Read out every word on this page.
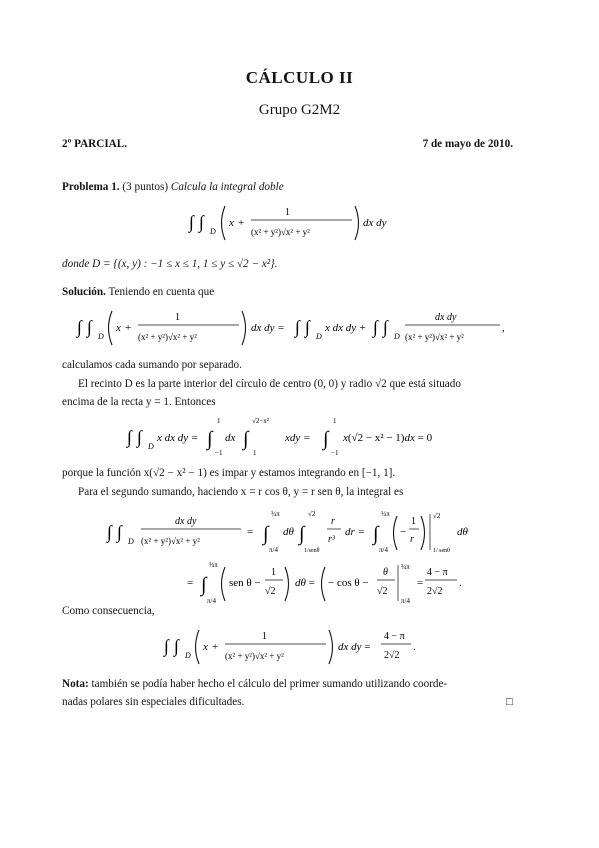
CÁLCULO II
Grupo G2M2
2º PARCIAL.	7 de mayo de 2010.
Problema 1. (3 puntos) Calcula la integral doble
∫ ∫ D
x +
1
(x² + y²)√x² + y²
dx dy
donde D = {(x, y) : −1 ≤ x ≤ 1, 1 ≤ y ≤ √2 − x²}.
Solución. Teniendo en cuenta que
∫ ∫ D
x +
1
(x² + y²)√x² + y²
dx dy = ∫ ∫ D
x dx dy + ∫ ∫ D
dx dy
(x² + y²)√x² + y²
,
calculamos cada sumando por separado.
El recinto D es la parte interior del círculo de centro (0, 0) y radio √2 que está situado
encima de la recta y = 1. Entonces
∫ ∫ D
x dx dy = ∫
1
−1
dx ∫
√2−x²
1
xdy = ∫
1
−1
x(√2 − x² − 1)dx = 0
porque la función x(√2 − x² − 1) es impar y estamos integrando en [−1, 1].
Para el segundo sumando, haciendo x = r cos θ, y = r sen θ, la integral es
∫ ∫ D
dx dy
(x² + y²)√x² + y²
= ∫
¾π
π/4
dθ ∫
√2
1/senθ
r
r³
dr = ∫
¾π
π/4
−
1
r
√2
1/ senθ
dθ
= ∫
¾π
π/4
sen θ −
1
√2
dθ = − cos θ −
θ
√2
¾π
π/4
=
4 − π
2√2
.
Como consecuencia,
∫ ∫ D
x +
1
(x² + y²)√x² + y²
dx dy =
4 − π
2√2
.
Nota: también se podía haber hecho el cálculo del primer sumando utilizando coorde-
nadas polares sin especiales dificultades.	□
